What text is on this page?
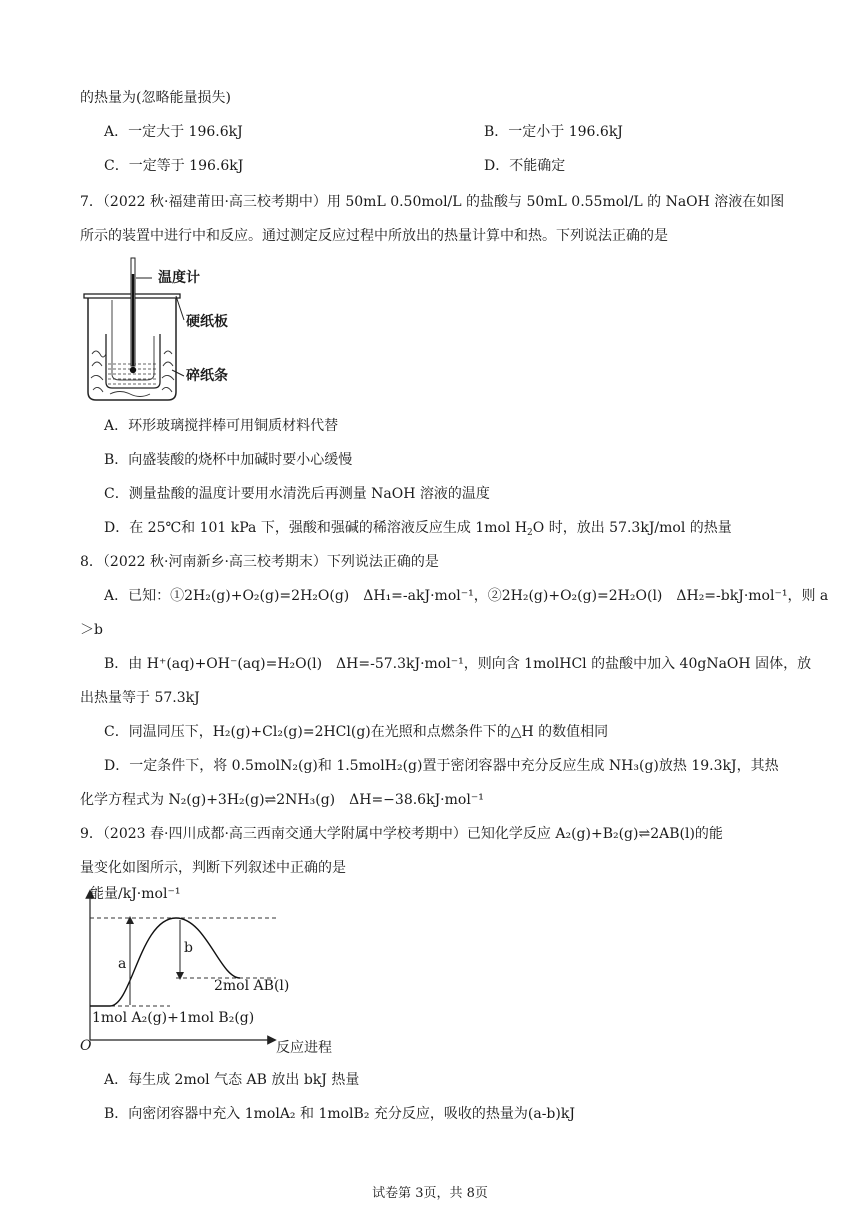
的热量为(忽略能量损失)
A．一定大于 196.6kJ	B．一定小于 196.6kJ
C．一定等于 196.6kJ	D．不能确定
7．（2022 秋·福建莆田·高三校考期中）用 50mL 0.50mol/L 的盐酸与 50mL 0.55mol/L 的 NaOH 溶液在如图
所示的装置中进行中和反应。通过测定反应过程中所放出的热量计算中和热。下列说法正确的是
温度计
硬纸板
碎纸条
A．环形玻璃搅拌棒可用铜质材料代替
B．向盛装酸的烧杯中加碱时要小心缓慢
C．测量盐酸的温度计要用水清洗后再测量 NaOH 溶液的温度
D．在 25℃和 101 kPa 下，强酸和强碱的稀溶液反应生成 1mol $H_2O$ 时，放出 57.3kJ/mol 的热量
8．（2022 秋·河南新乡·高三校考期末）下列说法正确的是
A．已知：①2H₂(g)+O₂(g)=2H₂O(g)　ΔH₁=-akJ·mol⁻¹，②2H₂(g)+O₂(g)=2H₂O(l)　ΔH₂=-bkJ·mol⁻¹，则 a
＞b
B．由 H⁺(aq)+OH⁻(aq)=H₂O(l)　ΔH=-57.3kJ·mol⁻¹，则向含 1molHCl 的盐酸中加入 40gNaOH 固体，放
出热量等于 57.3kJ
C．同温同压下，H₂(g)+Cl₂(g)=2HCl(g)在光照和点燃条件下的△H 的数值相同
D．一定条件下，将 0.5molN₂(g)和 1.5molH₂(g)置于密闭容器中充分反应生成 NH₃(g)放热 19.3kJ，其热
化学方程式为 N₂(g)+3H₂(g)⇌2NH₃(g)　ΔH=−38.6kJ·mol⁻¹
9．（2023 春·四川成都·高三西南交通大学附属中学校考期中）已知化学反应 A₂(g)+B₂(g)⇌2AB(l)的能
量变化如图所示，判断下列叙述中正确的是
能量/kJ·mol⁻¹
O	反应进程
a
b
2mol AB(l)
1mol A₂(g)+1mol B₂(g)
A．每生成 2mol 气态 AB 放出 bkJ 热量
B．向密闭容器中充入 1molA₂ 和 1molB₂ 充分反应，吸收的热量为(a-b)kJ
试卷第 3页，共 8页
